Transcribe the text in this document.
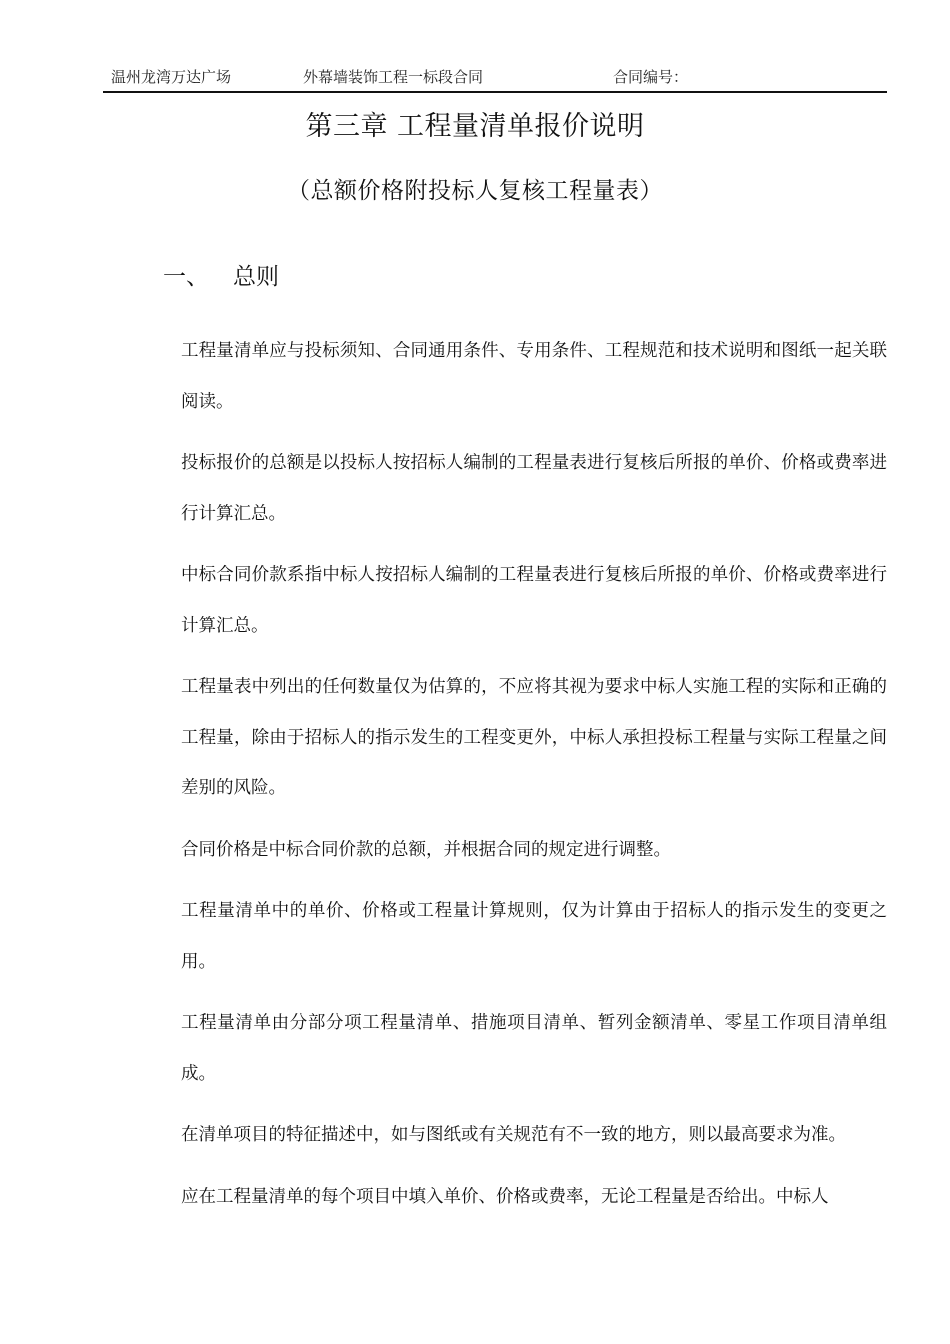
温州龙湾万达广场	外幕墙装饰工程一标段合同	合同编号：
第三章 工程量清单报价说明
（总额价格附投标人复核工程量表）
一、 总则

工程量清单应与投标须知、合同通用条件、专用条件、工程规范和技术说明和图纸一起关联阅读。

投标报价的总额是以投标人按招标人编制的工程量表进行复核后所报的单价、价格或费率进行计算汇总。

中标合同价款系指中标人按招标人编制的工程量表进行复核后所报的单价、价格或费率进行计算汇总。

工程量表中列出的任何数量仅为估算的，不应将其视为要求中标人实施工程的实际和正确的工程量，除由于招标人的指示发生的工程变更外，中标人承担投标工程量与实际工程量之间差别的风险。

合同价格是中标合同价款的总额，并根据合同的规定进行调整。

工程量清单中的单价、价格或工程量计算规则，仅为计算由于招标人的指示发生的变更之用。

工程量清单由分部分项工程量清单、措施项目清单、暂列金额清单、零星工作项目清单组成。

在清单项目的特征描述中，如与图纸或有关规范有不一致的地方，则以最高要求为准。

应在工程量清单的每个项目中填入单价、价格或费率，无论工程量是否给出。中标人
